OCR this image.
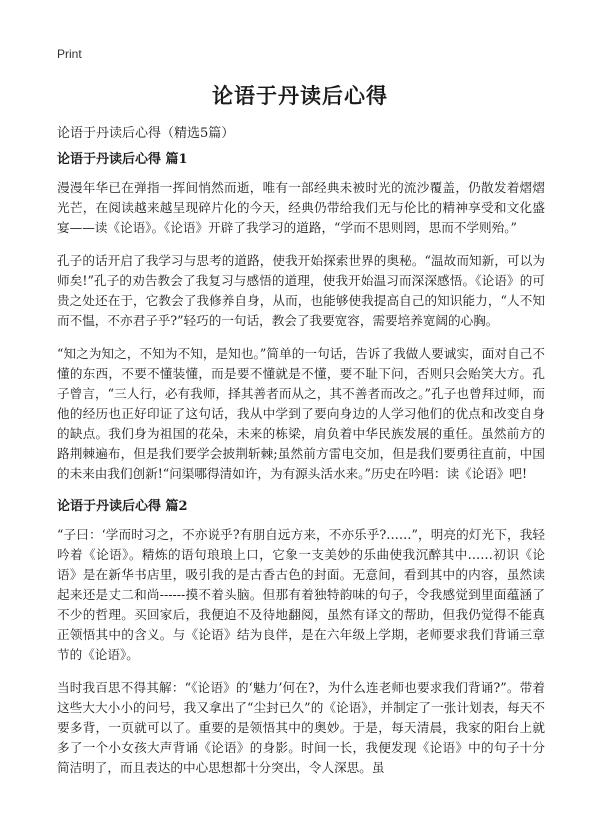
Print
论语于丹读后心得
论语于丹读后心得（精选5篇）
论语于丹读后心得 篇1

漫漫年华已在弹指一挥间悄然而逝，唯有一部经典未被时光的流沙覆盖，仍散发着熠熠光芒，在阅读越来越呈现碎片化的今天，经典仍带给我们无与伦比的精神享受和文化盛宴——读《论语》。《论语》开辟了我学习的道路，“学而不思则罔，思而不学则殆。”

孔子的话开启了我学习与思考的道路，使我开始探索世界的奥秘。“温故而知新，可以为师矣!”孔子的劝告教会了我复习与感悟的道理，使我开始温习而深深感悟。《论语》的可贵之处还在于，它教会了我修养自身，从而，也能够使我提高自己的知识能力，“人不知而不愠，不亦君子乎?”轻巧的一句话，教会了我要宽容，需要培养宽阔的心胸。

“知之为知之，不知为不知，是知也。”简单的一句话，告诉了我做人要诚实，面对自己不懂的东西，不要不懂装懂，而是要不懂就是不懂，要不耻下问，否则只会贻笑大方。孔子曾言，“三人行，必有我师，择其善者而从之，其不善者而改之。”孔子也曾拜过师，而他的经历也正好印证了这句话，我从中学到了要向身边的人学习他们的优点和改变自身的缺点。我们身为祖国的花朵，未来的栋梁，肩负着中华民族发展的重任。虽然前方的路荆棘遍布，但是我们要学会披荆斩棘;虽然前方雷电交加，但是我们要勇往直前，中国的未来由我们创新!“问渠哪得清如许，为有源头活水来。”历史在吟唱：读《论语》吧!

论语于丹读后心得 篇2

“子曰：‘学而时习之，不亦说乎?有朋自远方来，不亦乐乎?……”，明亮的灯光下，我轻吟着《论语》。精炼的语句琅琅上口，它象一支美妙的乐曲使我沉醉其中……初识《论语》是在新华书店里，吸引我的是古香古色的封面。无意间，看到其中的内容，虽然读起来还是丈二和尚------摸不着头脑。但那有着独特韵味的句子，令我感觉到里面蕴涵了不少的哲理。买回家后，我便迫不及待地翻阅，虽然有译文的帮助，但我仍觉得不能真正领悟其中的含义。与《论语》结为良伴，是在六年级上学期，老师要求我们背诵三章节的《论语》。

当时我百思不得其解：“《论语》的‘魅力’何在?，为什么连老师也要求我们背诵?”。带着这些大大小小的问号，我又拿出了“尘封已久”的《论语》，并制定了一张计划表，每天不要多背，一页就可以了。重要的是领悟其中的奥妙。于是，每天清晨，我家的阳台上就多了一个小女孩大声背诵《论语》的身影。时间一长，我便发现《论语》中的句子十分简洁明了，而且表达的中心思想都十分突出，令人深思。虽
